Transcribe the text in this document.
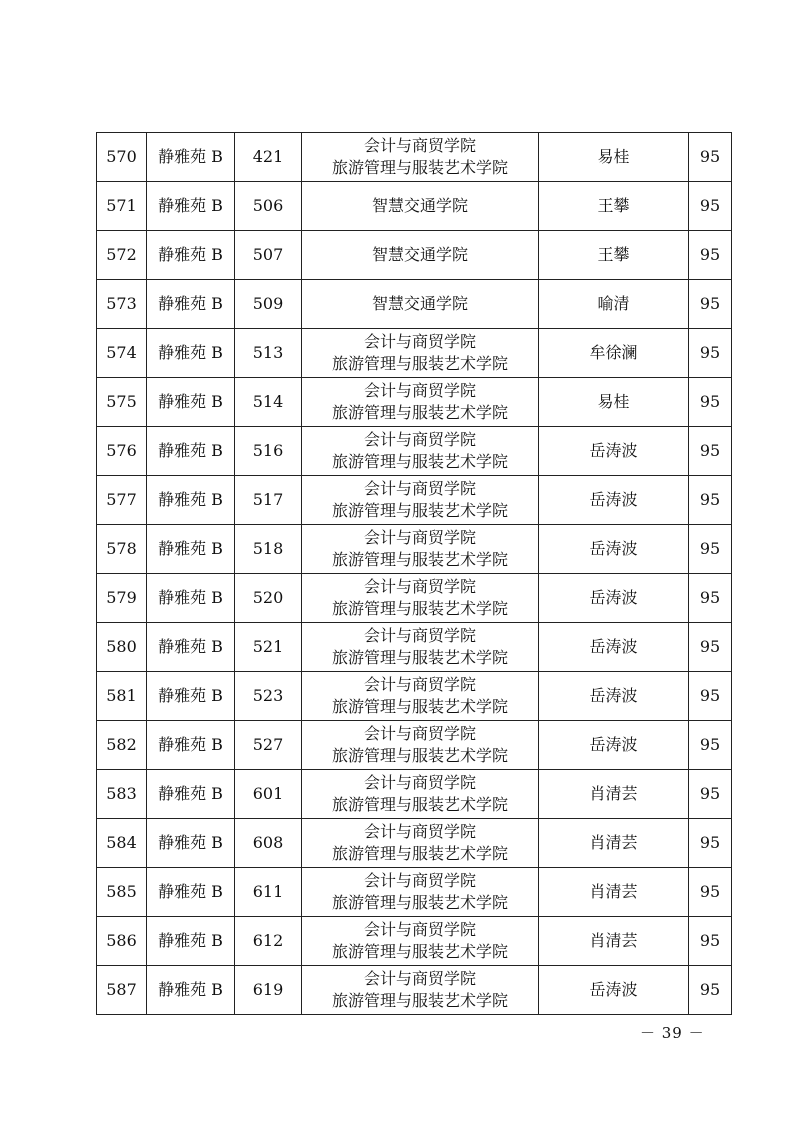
570	静雅苑 B	421	会计与商贸学院
旅游管理与服装艺术学院	易桂	95
571	静雅苑 B	506	智慧交通学院	王攀	95
572	静雅苑 B	507	智慧交通学院	王攀	95
573	静雅苑 B	509	智慧交通学院	喻清	95
574	静雅苑 B	513	会计与商贸学院
旅游管理与服装艺术学院	牟徐澜	95
575	静雅苑 B	514	会计与商贸学院
旅游管理与服装艺术学院	易桂	95
576	静雅苑 B	516	会计与商贸学院
旅游管理与服装艺术学院	岳涛波	95
577	静雅苑 B	517	会计与商贸学院
旅游管理与服装艺术学院	岳涛波	95
578	静雅苑 B	518	会计与商贸学院
旅游管理与服装艺术学院	岳涛波	95
579	静雅苑 B	520	会计与商贸学院
旅游管理与服装艺术学院	岳涛波	95
580	静雅苑 B	521	会计与商贸学院
旅游管理与服装艺术学院	岳涛波	95
581	静雅苑 B	523	会计与商贸学院
旅游管理与服装艺术学院	岳涛波	95
582	静雅苑 B	527	会计与商贸学院
旅游管理与服装艺术学院	岳涛波	95
583	静雅苑 B	601	会计与商贸学院
旅游管理与服装艺术学院	肖清芸	95
584	静雅苑 B	608	会计与商贸学院
旅游管理与服装艺术学院	肖清芸	95
585	静雅苑 B	611	会计与商贸学院
旅游管理与服装艺术学院	肖清芸	95
586	静雅苑 B	612	会计与商贸学院
旅游管理与服装艺术学院	肖清芸	95
587	静雅苑 B	619	会计与商贸学院
旅游管理与服装艺术学院	岳涛波	95
－ 39 －
